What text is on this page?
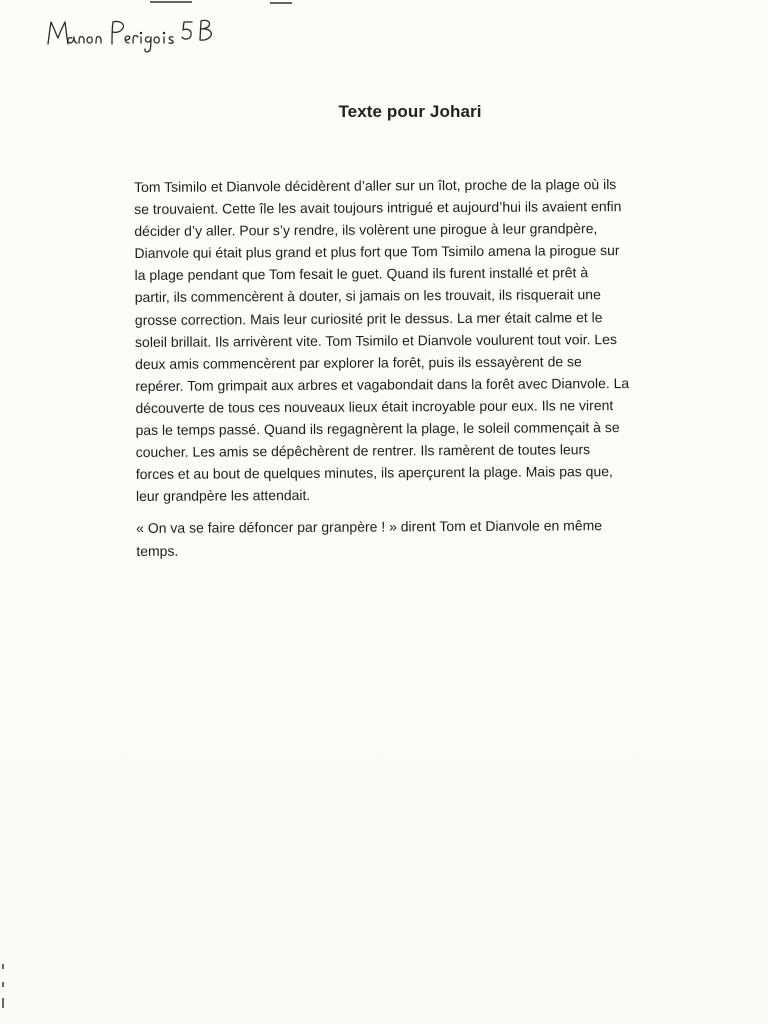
Texte pour Johari
Tom Tsimilo et Dianvole décidèrent d’aller sur un îlot, proche de la plage où ils
se trouvaient. Cette île les avait toujours intrigué et aujourd’hui ils avaient enfin
décider d’y aller. Pour s’y rendre, ils volèrent une pirogue à leur grandpère,
Dianvole qui était plus grand et plus fort que Tom Tsimilo amena la pirogue sur
la plage pendant que Tom fesait le guet. Quand ils furent installé et prêt à
partir, ils commencèrent à douter, si jamais on les trouvait, ils risquerait une
grosse correction. Mais leur curiosité prit le dessus. La mer était calme et le
soleil brillait. Ils arrivèrent vite. Tom Tsimilo et Dianvole voulurent tout voir. Les
deux amis commencèrent par explorer la forêt, puis ils essayèrent de se
repérer. Tom grimpait aux arbres et vagabondait dans la forêt avec Dianvole. La
découverte de tous ces nouveaux lieux était incroyable pour eux. Ils ne virent
pas le temps passé. Quand ils regagnèrent la plage, le soleil commençait à se
coucher. Les amis se dépêchèrent de rentrer. Ils ramèrent de toutes leurs
forces et au bout de quelques minutes, ils aperçurent la plage. Mais pas que,
leur grandpère les attendait.
« On va se faire défoncer par granpère ! » dirent Tom et Dianvole en même
temps.
